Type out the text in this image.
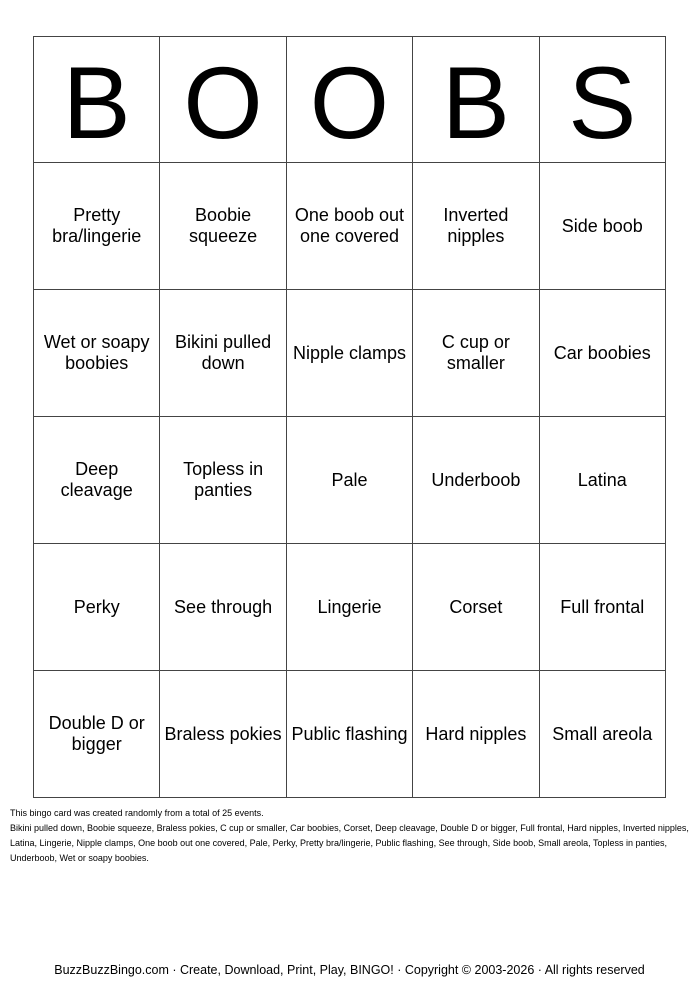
B	O	O	B	S
Pretty bra/lingerie	Boobie squeeze	One boob out one covered	Inverted nipples	Side boob
Wet or soapy boobies	Bikini pulled down	Nipple clamps	C cup or smaller	Car boobies
Deep cleavage	Topless in panties	Pale	Underboob	Latina
Perky	See through	Lingerie	Corset	Full frontal
Double D or bigger	Braless pokies	Public flashing	Hard nipples	Small areola

This bingo card was created randomly from a total of 25 events.

Bikini pulled down, Boobie squeeze, Braless pokies, C cup or smaller, Car boobies, Corset, Deep cleavage, Double D or bigger, Full frontal, Hard nipples, Inverted nipples, Latina, Lingerie, Nipple clamps, One boob out one covered, Pale, Perky, Pretty bra/lingerie, Public flashing, See through, Side boob, Small areola, Topless in panties, Underboob, Wet or soapy boobies.

BuzzBuzzBingo.com · Create, Download, Print, Play, BINGO! · Copyright © 2003-2026 · All rights reserved
